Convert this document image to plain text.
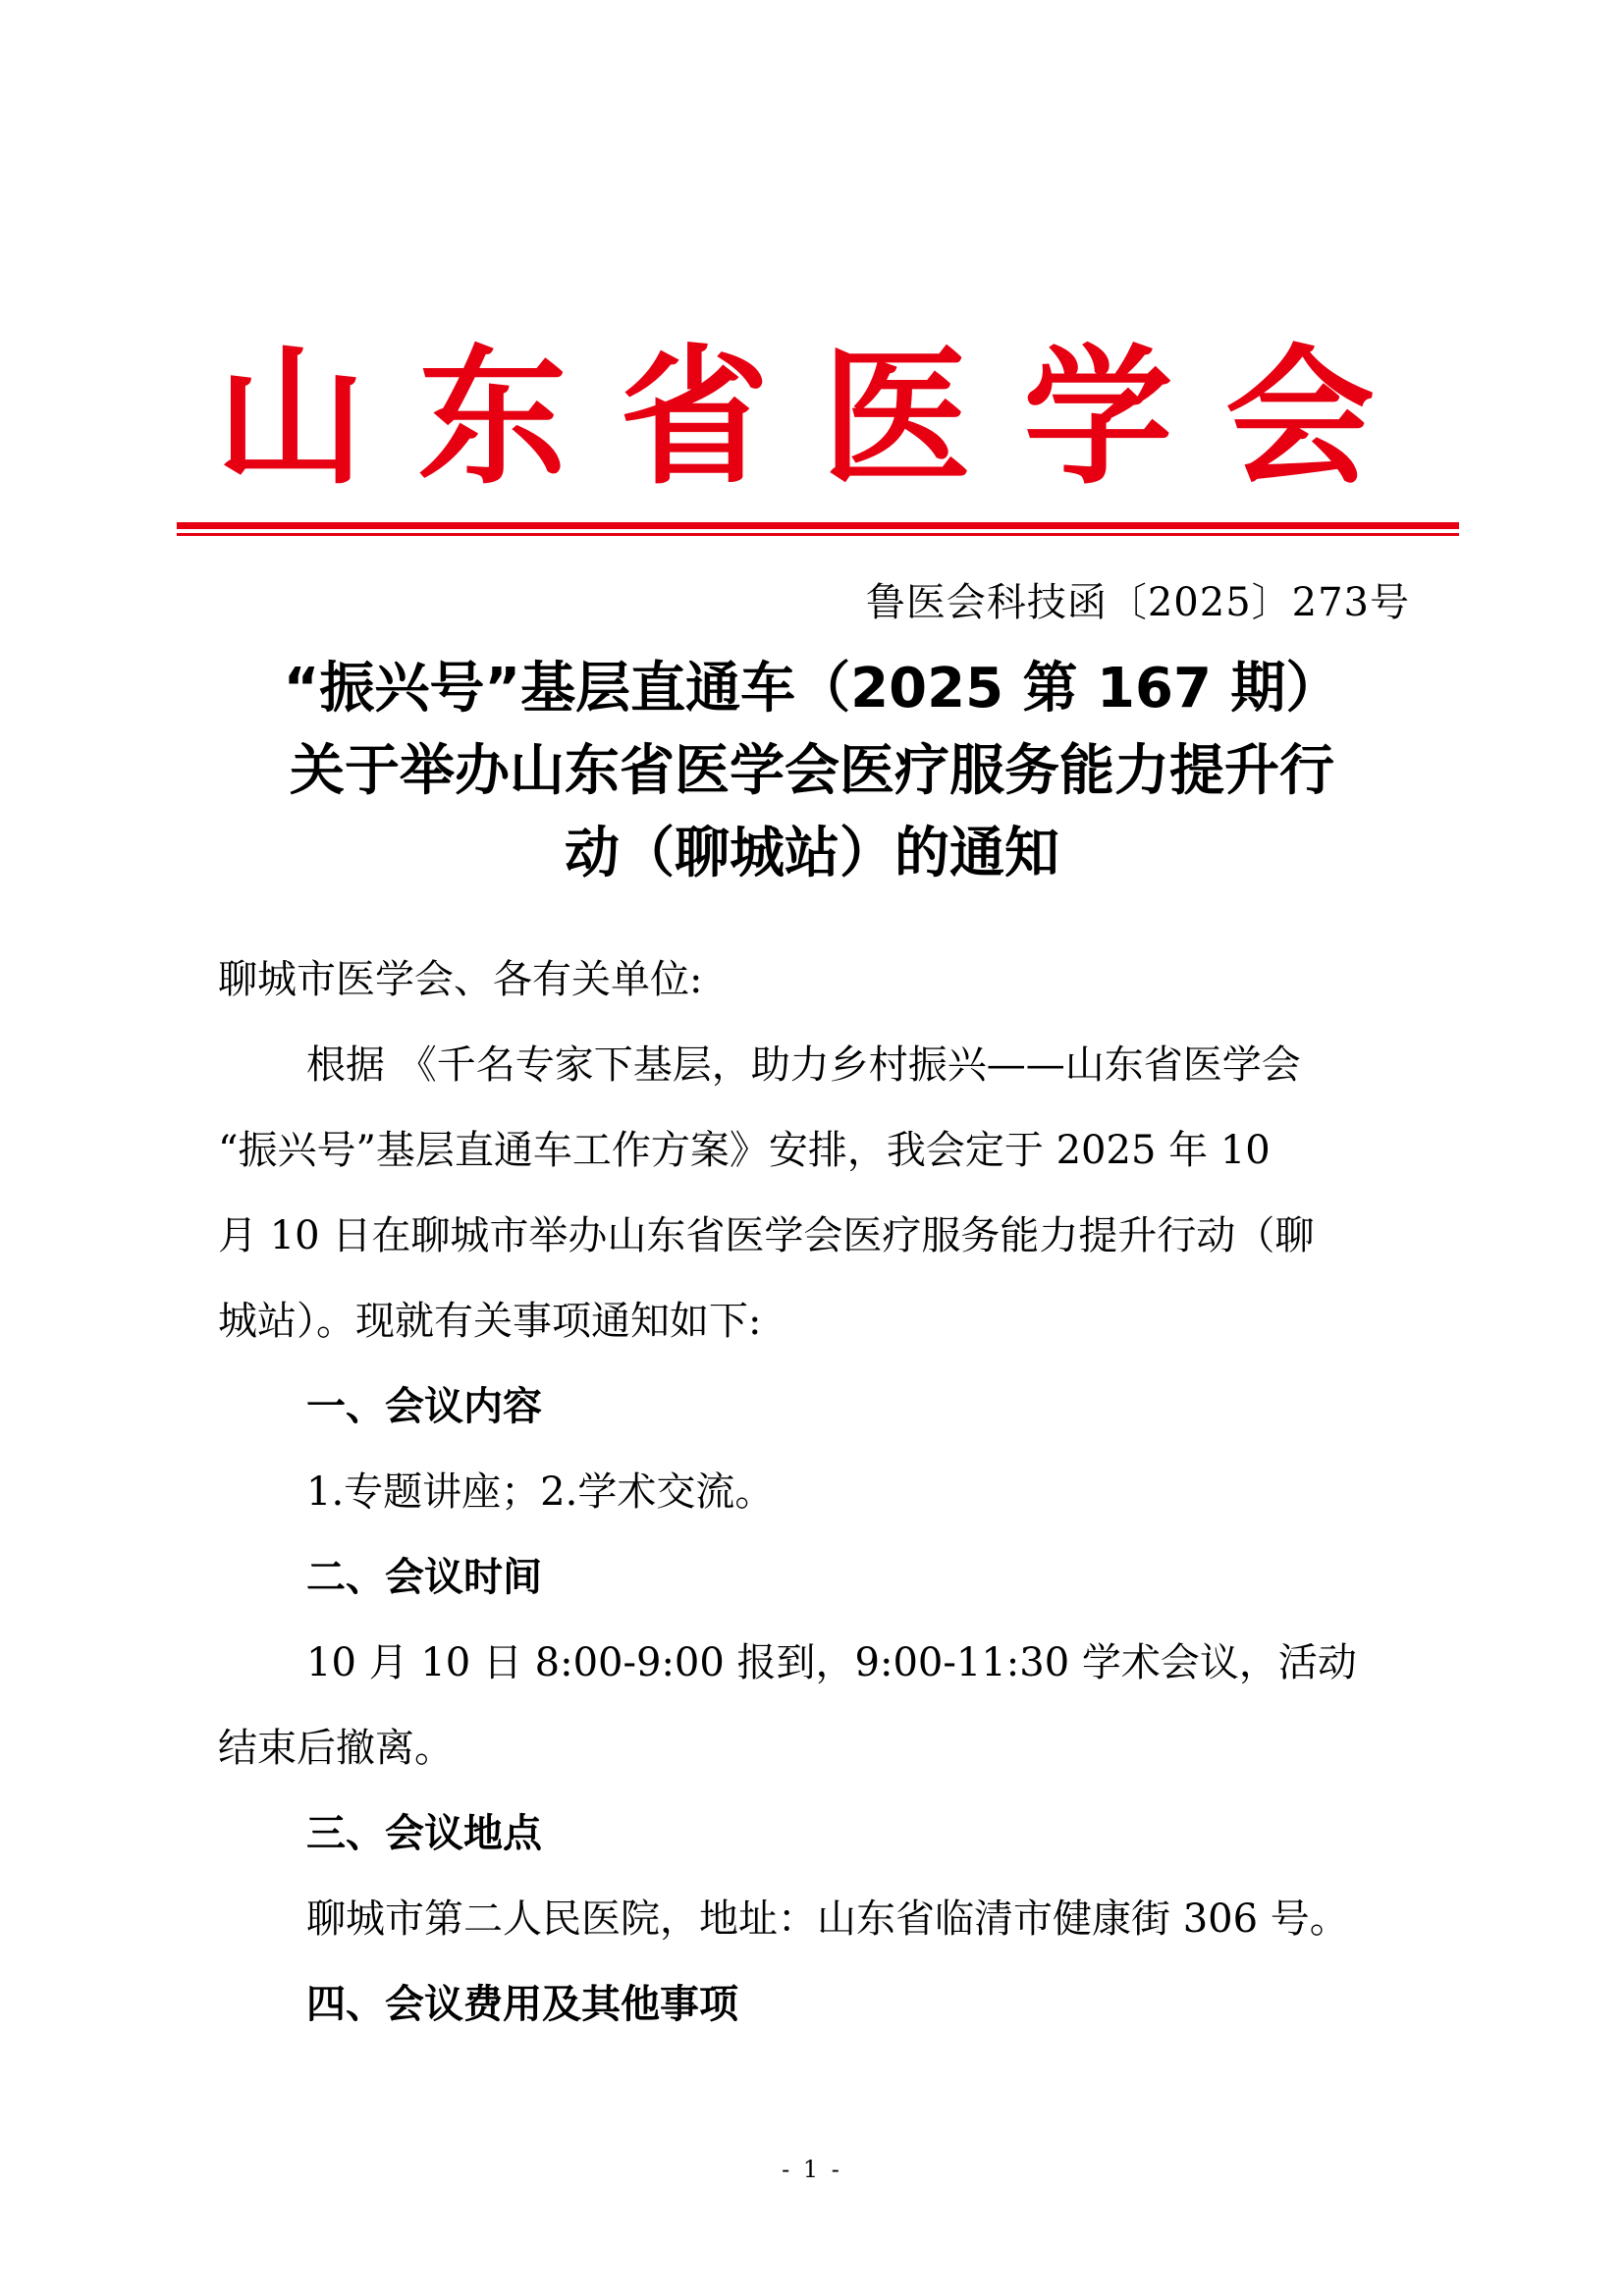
山 东 省 医 学 会
鲁医会科技函〔2025〕273号
“振兴号”基层直通车（2025 第 167 期）
关于举办山东省医学会医疗服务能力提升行
动（聊城站）的通知

聊城市医学会、各有关单位:

根据 《千名专家下基层，助力乡村振兴——山东省医学会

“振兴号”基层直通车工作方案》安排，我会定于 2025 年 10

月 10 日在聊城市举办山东省医学会医疗服务能力提升行动（聊

城站）。现就有关事项通知如下:

一、会议内容

1.专题讲座；2.学术交流。

二、会议时间

10 月 10 日 8:00-9:00 报到，9:00-11:30 学术会议，活动

结束后撤离。

三、会议地点

聊城市第二人民医院，地址：山东省临清市健康街 306 号。

四、会议费用及其他事项

- 1 -
